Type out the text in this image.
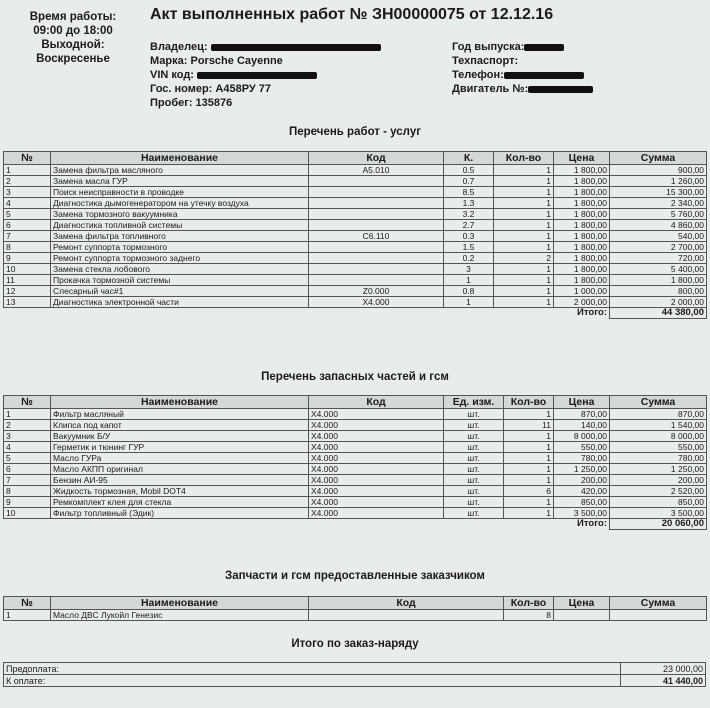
Время работы:
09:00 до 18:00
Выходной:
Воскресенье
Акт выполненных работ № ЗН00000075 от 12.12.16
Владелец:
Марка: Porsche Cayenne
VIN код:
Гос. номер: А458РУ 77
Пробег: 135876
Год выпуска:
Техпаспорт:
Телефон:
Двигатель №:
Перечень работ - услуг
№	Наименование	Код	К.	Кол-во	Цена	Сумма
1	Замена фильтра масляного	А5.010	0.5	1	1 800,00	900,00
2	Замена масла ГУР		0.7	1	1 800,00	1 260,00
3	Поиск неисправности в проводке		8.5	1	1 800,00	15 300,00
4	Диагностика дымогенератором на утечку воздуха		1.3	1	1 800,00	2 340,00
5	Замена тормозного вакуумника		3.2	1	1 800,00	5 760,00
6	Диагностика топливной системы		2.7	1	1 800,00	4 860,00
7	Замена фильтра топливного	С6.110	0.3	1	1 800,00	540,00
8	Ремонт суппорта тормозного		1.5	1	1 800,00	2 700,00
9	Ремонт суппорта тормозного заднего		0.2	2	1 800,00	720,00
10	Замена стекла лобового		3	1	1 800,00	5 400,00
11	Прокачка тормозной системы		1	1	1 800,00	1 800,00
12	Слесарный час#1	Z0.000	0.8	1	1 000,00	800,00
13	Диагностика электронной части	Х4.000	1	1	2 000,00	2 000,00
Итого:						44 380,00
Перечень запасных частей и гсм
№	Наименование	Код	Ед. изм.	Кол-во	Цена	Сумма
1	Фильтр масляный	Х4.000	шт.	1	870,00	870,00
2	Клипса под капот	Х4.000	шт.	11	140,00	1 540,00
3	Вакуумник Б/У	Х4.000	шт.	1	8 000,00	8 000,00
4	Герметик и тюнинг ГУР	Х4.000	шт.	1	550,00	550,00
5	Масло ГУРа	Х4.000	шт.	1	780,00	780,00
6	Масло АКПП оригинал	Х4.000	шт.	1	1 250,00	1 250,00
7	Бензин АИ-95	Х4.000	шт.	1	200,00	200,00
8	Жидкость тормозная, Mobil DOT4	Х4.000	шт.	6	420,00	2 520,00
9	Ремкомплект клея для стекла	Х4.000	шт.	1	850,00	850,00
10	Фильтр топливный (Эдик)	Х4.000	шт.	1	3 500,00	3 500,00
Итого:						20 060,00
Запчасти и гсм предоставленные заказчиком
№	Наименование	Код	Кол-во	Цена	Сумма
1	Масло ДВС Лукойл Генезис		8		
Итого по заказ-наряду
Предоплата:	23 000,00
К оплате:	41 440,00
